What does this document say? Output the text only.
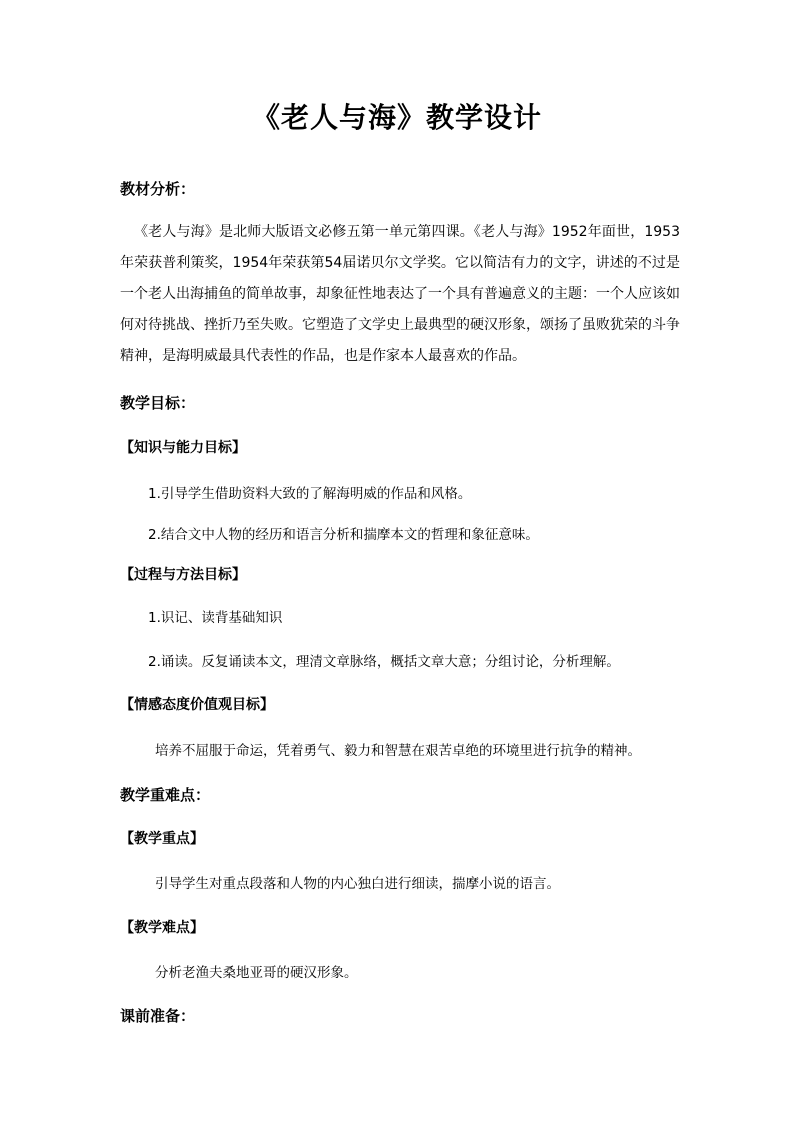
《老人与海》教学设计
教材分析：
《老人与海》是北师大版语文必修五第一单元第四课。《老人与海》1952年面世，1953年荣获普利策奖，1954年荣获第54届诺贝尔文学奖。它以简洁有力的文字，讲述的不过是一个老人出海捕鱼的简单故事，却象征性地表达了一个具有普遍意义的主题：一个人应该如何对待挑战、挫折乃至失败。它塑造了文学史上最典型的硬汉形象，颂扬了虽败犹荣的斗争精神，是海明威最具代表性的作品，也是作家本人最喜欢的作品。
教学目标：
【知识与能力目标】
1.引导学生借助资料大致的了解海明威的作品和风格。
2.结合文中人物的经历和语言分析和揣摩本文的哲理和象征意味。
【过程与方法目标】
1.识记、读背基础知识
2.诵读。反复诵读本文，理清文章脉络，概括文章大意；分组讨论，分析理解。
【情感态度价值观目标】
培养不屈服于命运，凭着勇气、毅力和智慧在艰苦卓绝的环境里进行抗争的精神。
教学重难点：
【教学重点】
引导学生对重点段落和人物的内心独白进行细读，揣摩小说的语言。
【教学难点】
分析老渔夫桑地亚哥的硬汉形象。
课前准备：
